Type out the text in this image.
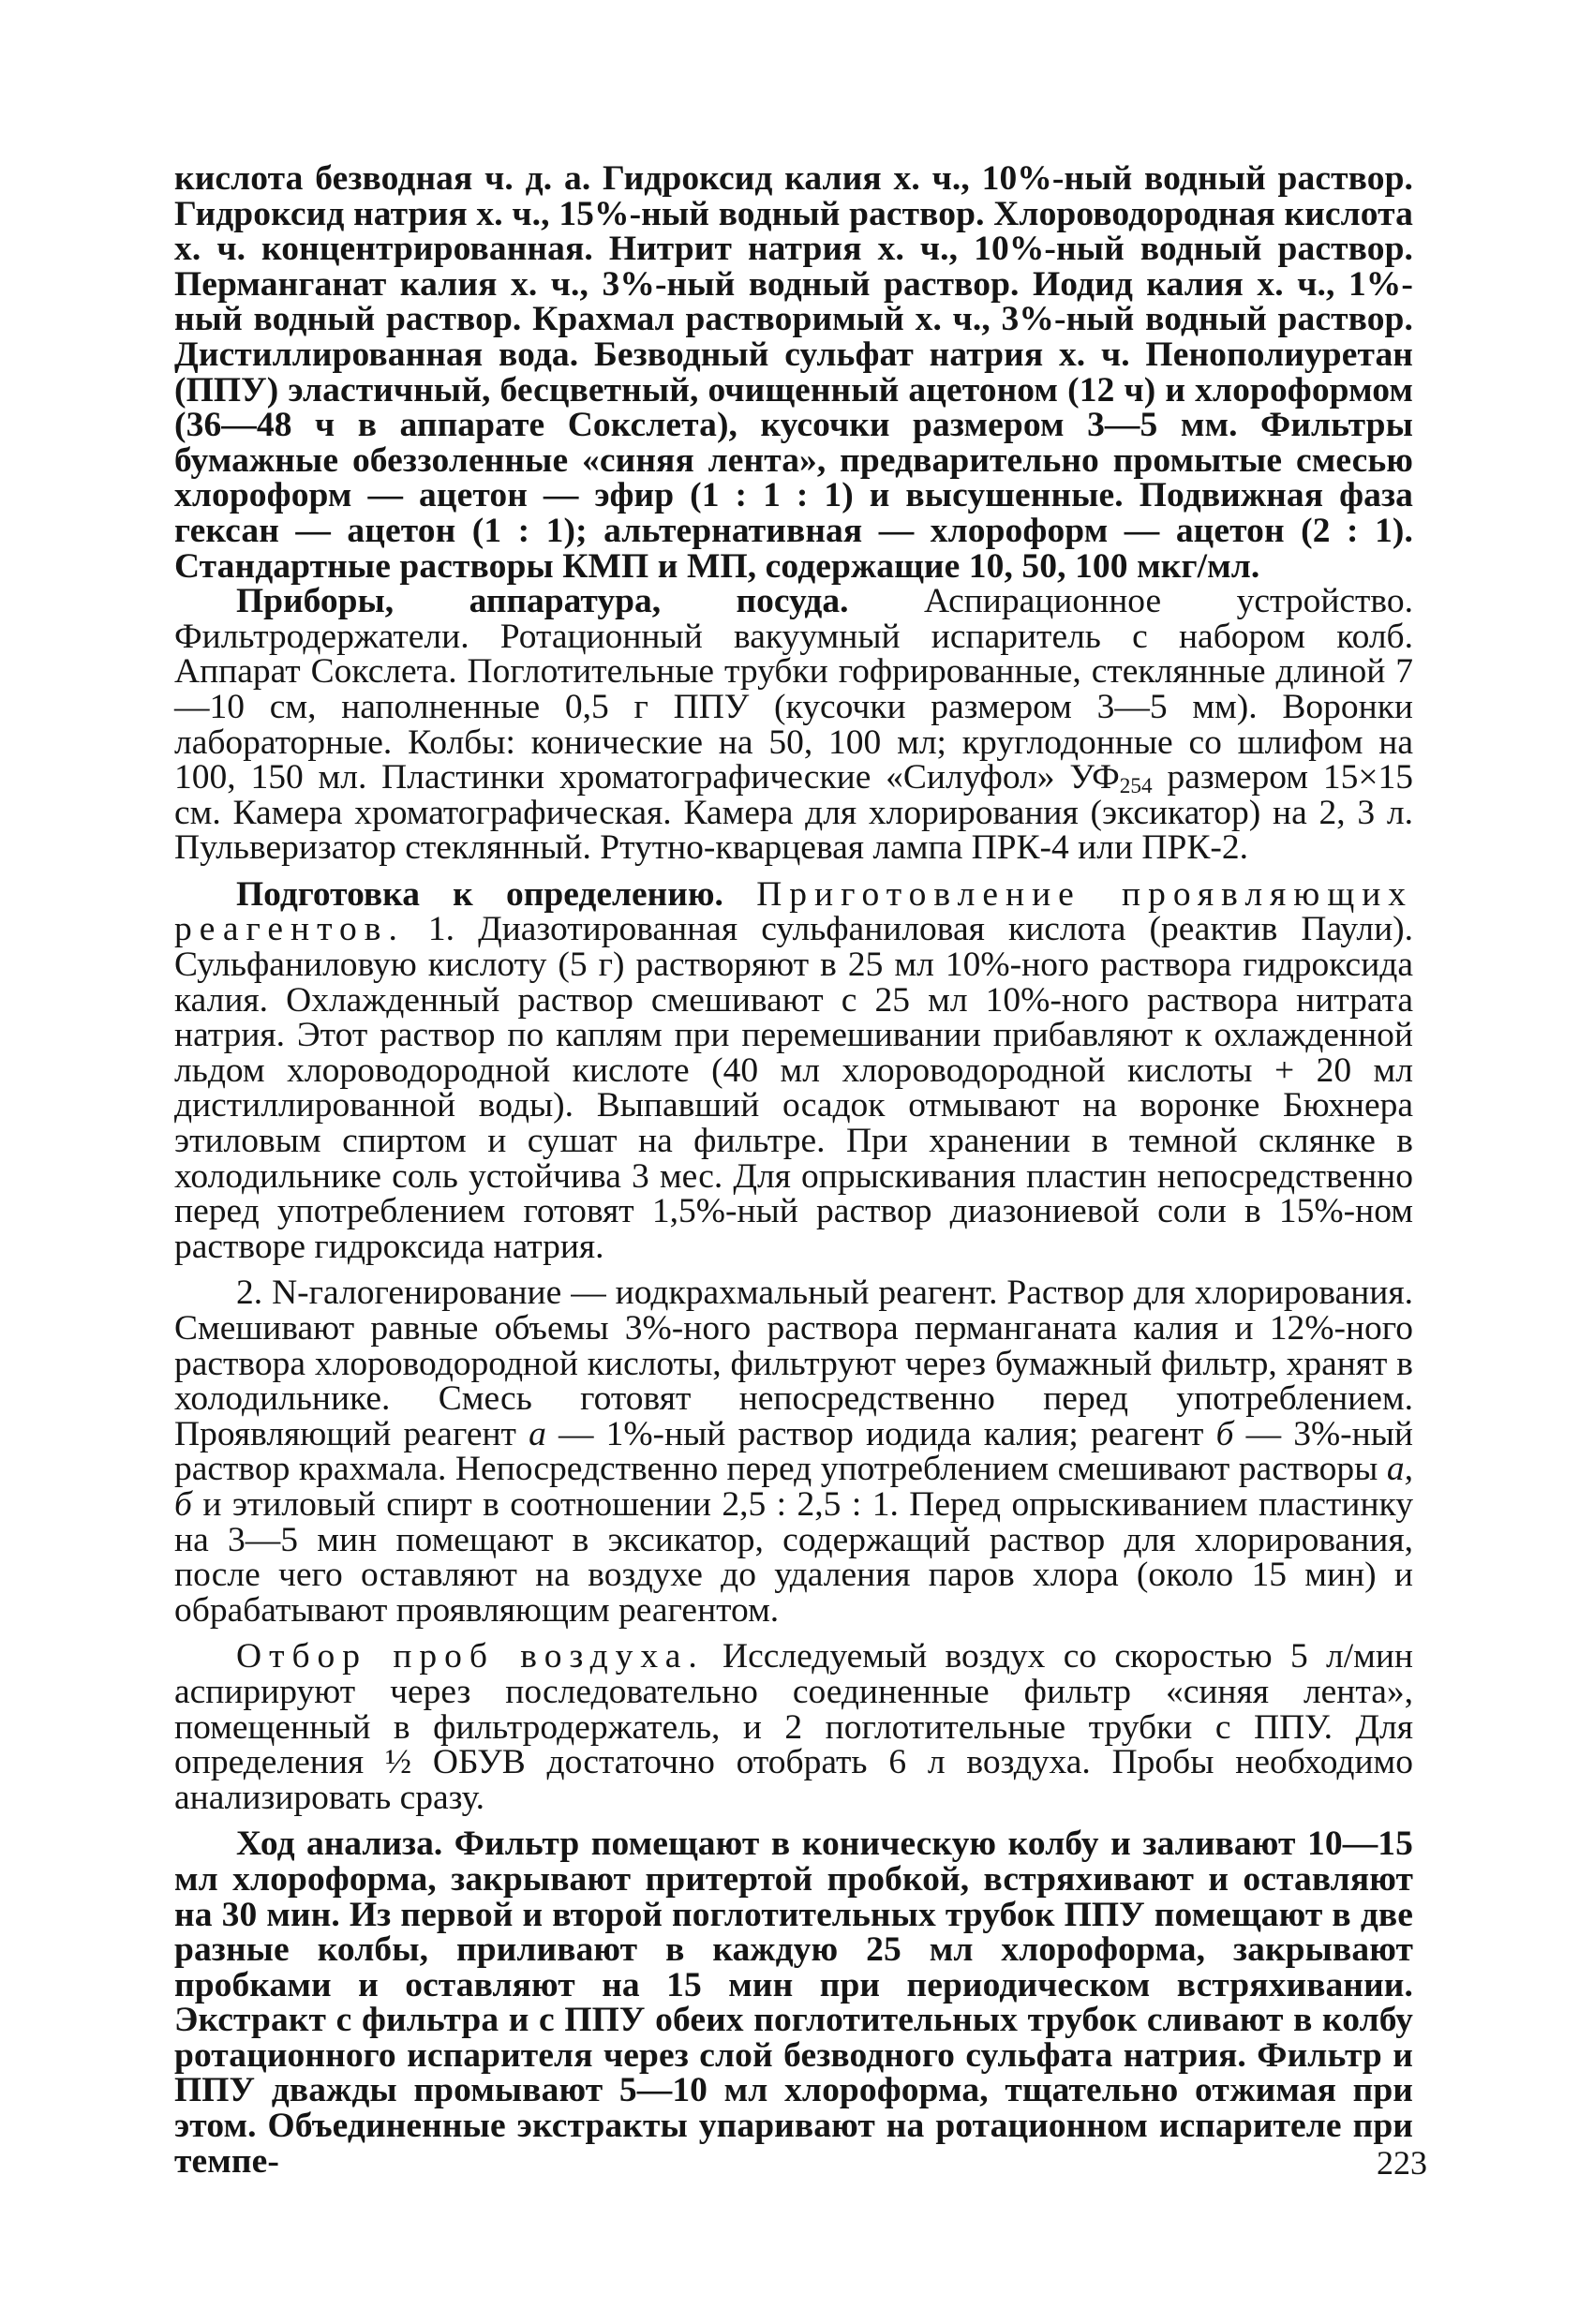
кислота безводная ч. д. а. Гидроксид калия х. ч., 10%-ный водный раствор. Гидроксид натрия х. ч., 15%-ный водный раствор. Хлороводородная кислота х. ч. концентрированная. Нитрит натрия х. ч., 10%-ный водный раствор. Перманганат калия х. ч., 3%-ный водный раствор. Иодид калия х. ч., 1%-ный водный раствор. Крахмал растворимый х. ч., 3%-ный водный раствор. Дистиллированная вода. Безводный сульфат натрия х. ч. Пенополиуретан (ППУ) эластичный, бесцветный, очищенный ацетоном (12 ч) и хлороформом (36—48 ч в аппарате Сокслета), кусочки размером 3—5 мм. Фильтры бумажные обеззоленные «синяя лента», предварительно промытые смесью хлороформ — ацетон — эфир (1 : 1 : 1) и высушенные. Подвижная фаза гексан — ацетон (1 : 1); альтернативная — хлороформ — ацетон (2 : 1). Стандартные растворы КМП и МП, содержащие 10, 50, 100 мкг/мл.

Приборы, аппаратура, посуда. Аспирационное устройство. Фильтродержатели. Ротационный вакуумный испаритель с набором колб. Аппарат Сокслета. Поглотительные трубки гофрированные, стеклянные длиной 7—10 см, наполненные 0,5 г ППУ (кусочки размером 3—5 мм). Воронки лабораторные. Колбы: конические на 50, 100 мл; круглодонные со шлифом на 100, 150 мл. Пластинки хроматографические «Силуфол» $УФ_{254}$ размером 15×15 см. Камера хроматографическая. Камера для хлорирования (эксикатор) на 2, 3 л. Пульверизатор стеклянный. Ртутно-кварцевая лампа ПРК-4 или ПРК-2.

Подготовка к определению. Приготовление проявляющих реагентов. 1. Диазотированная сульфаниловая кислота (реактив Паули). Сульфаниловую кислоту (5 г) растворяют в 25 мл 10%-ного раствора гидроксида калия. Охлажденный раствор смешивают с 25 мл 10%-ного раствора нитрата натрия. Этот раствор по каплям при перемешивании прибавляют к охлажденной льдом хлороводородной кислоте (40 мл хлороводородной кислоты + 20 мл дистиллированной воды). Выпавший осадок отмывают на воронке Бюхнера этиловым спиртом и сушат на фильтре. При хранении в темной склянке в холодильнике соль устойчива 3 мес. Для опрыскивания пластин непосредственно перед употреблением готовят 1,5%-ный раствор диазониевой соли в 15%-ном растворе гидроксида натрия.

2. N-галогенирование — иодкрахмальный реагент. Раствор для хлорирования. Смешивают равные объемы 3%-ного раствора перманганата калия и 12%-ного раствора хлороводородной кислоты, фильтруют через бумажный фильтр, хранят в холодильнике. Смесь готовят непосредственно перед употреблением. Проявляющий реагент а — 1%-ный раствор иодида калия; реагент б — 3%-ный раствор крахмала. Непосредственно перед употреблением смешивают растворы а, б и этиловый спирт в соотношении 2,5 : 2,5 : 1. Перед опрыскиванием пластинку на 3—5 мин помещают в эксикатор, содержащий раствор для хлорирования, после чего оставляют на воздухе до удаления паров хлора (около 15 мин) и обрабатывают проявляющим реагентом.

Отбор проб воздуха. Исследуемый воздух со скоростью 5 л/мин аспирируют через последовательно соединенные фильтр «синяя лента», помещенный в фильтродержатель, и 2 поглотительные трубки с ППУ. Для определения ½ ОБУВ достаточно отобрать 6 л воздуха. Пробы необходимо анализировать сразу.

Ход анализа. Фильтр помещают в коническую колбу и заливают 10—15 мл хлороформа, закрывают притертой пробкой, встряхивают и оставляют на 30 мин. Из первой и второй поглотительных трубок ППУ помещают в две разные колбы, приливают в каждую 25 мл хлороформа, закрывают пробками и оставляют на 15 мин при периодическом встряхивании. Экстракт с фильтра и с ППУ обеих поглотительных трубок сливают в колбу ротационного испарителя через слой безводного сульфата натрия. Фильтр и ППУ дважды промывают 5—10 мл хлороформа, тщательно отжимая при этом. Объединенные экстракты упаривают на ротационном испарителе при темпе-	223
